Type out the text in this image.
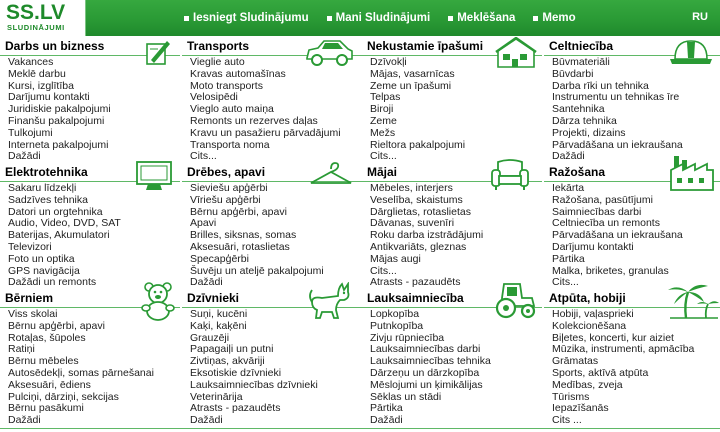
SS.LV
SLUDINĀJUMI
Iesniegt Sludinājumu Mani Sludinājumi Meklēšana Memo	RU
Darbs un bizness
Vakances
Meklē darbu
Kursi, izglītība
Darījumu kontakti
Juridiskie pakalpojumi
Finanšu pakalpojumi
Tulkojumi
Interneta pakalpojumi
Dažādi
Transports
Vieglie auto
Kravas automašīnas
Moto transports
Velosipēdi
Vieglo auto maiņa
Remonts un rezerves daļas
Kravu un pasažieru pārvadājumi
Transporta noma
Cits...
Nekustamie īpašumi
Dzīvokļi
Mājas, vasarnīcas
Zeme un īpašumi
Telpas
Biroji
Zeme
Mežs
Rieltora pakalpojumi
Cits...
Celtniecība
Būvmateriāli
Būvdarbi
Darba rīki un tehnika
Instrumentu un tehnikas īre
Santehnika
Dārza tehnika
Projekti, dizains
Pārvadāšana un iekraušana
Dažādi
Elektrotehnika
Sakaru līdzekļi
Sadzīves tehnika
Datori un orgtehnika
Audio, Video, DVD, SAT
Baterijas, Akumulatori
Televizori
Foto un optika
GPS navigācija
Dažādi un remonts
Drēbes, apavi
Sieviešu apģērbi
Vīriešu apģērbi
Bērnu apģērbi, apavi
Apavi
Brilles, siksnas, somas
Aksesuāri, rotaslietas
Specapģērbi
Šuvēju un ateljē pakalpojumi
Dažādi
Mājai
Mēbeles, interjers
Veselība, skaistums
Dārglietas, rotaslietas
Dāvanas, suvenīri
Roku darba izstrādājumi
Antikvariāts, gleznas
Mājas augi
Cits...
Atrasts - pazaudēts
Ražošana
Iekārta
Ražošana, pasūtījumi
Saimniecības darbi
Celtniecība un remonts
Pārvadāšana un iekraušana
Darījumu kontakti
Pārtika
Malka, briketes, granulas
Cits...
Bērniem
Viss skolai
Bērnu apģērbi, apavi
Rotaļas, šūpoles
Ratiņi
Bērnu mēbeles
Autosēdekļi, somas pārnešanai
Aksesuāri, ēdiens
Pulciņi, dārziņi, sekcijas
Bērnu pasākumi
Dažādi
Dzīvnieki
Suņi, kucēni
Kaķi, kaķēni
Grauzēji
Papagaiļi un putni
Zivtiņas, akvāriji
Eksotiskie dzīvnieki
Lauksaimniecības dzīvnieki
Veterinārija
Atrasts - pazaudēts
Dažādi
Lauksaimniecība
Lopkopība
Putnkopība
Zivju rūpniecība
Lauksaimniecības darbi
Lauksaimniecības tehnika
Dārzeņu un dārzkopība
Mēslojumi un ķimikālijas
Sēklas un stādi
Pārtika
Dažādi
Atpūta, hobiji
Hobiji, vaļasprieki
Kolekcionēšana
Biļetes, koncerti, kur aiziet
Mūzika, instrumenti, apmācība
Grāmatas
Sports, aktīvā atpūta
Medības, zveja
Tūrisms
Iepazīšanās
Cits ...
